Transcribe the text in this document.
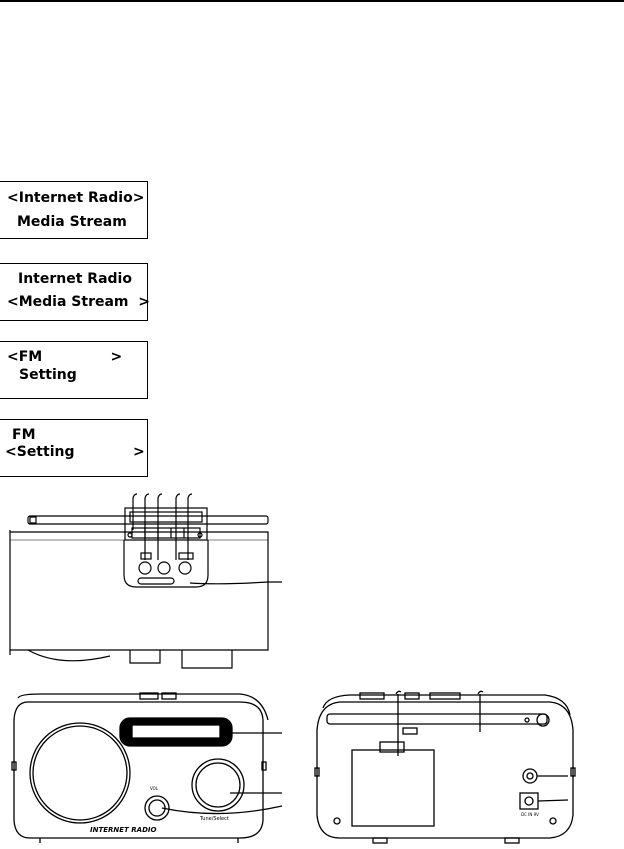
<Internet Radio>
Media Stream
Internet Radio
<Media Stream  >
<FM              >
Setting
FM
<Setting            >
INTERNET RADIO
Tune/Select
VOL
DC IN 9V
